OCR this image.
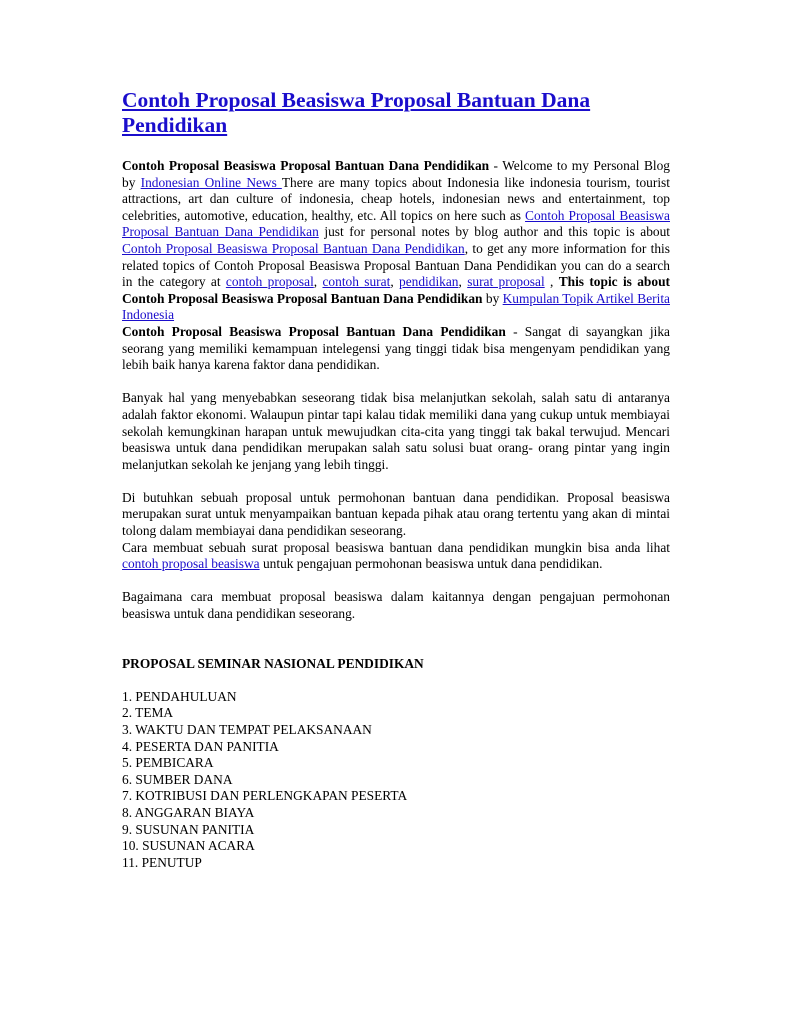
Contoh Proposal Beasiswa Proposal Bantuan Dana Pendidikan

Contoh Proposal Beasiswa Proposal Bantuan Dana Pendidikan - Welcome to my Personal Blog by Indonesian Online News There are many topics about Indonesia like indonesia tourism, tourist attractions, art dan culture of indonesia, cheap hotels, indonesian news and entertainment, top celebrities, automotive, education, healthy, etc. All topics on here such as Contoh Proposal Beasiswa Proposal Bantuan Dana Pendidikan just for personal notes by blog author and this topic is about Contoh Proposal Beasiswa Proposal Bantuan Dana Pendidikan, to get any more information for this related topics of Contoh Proposal Beasiswa Proposal Bantuan Dana Pendidikan you can do a search in the category at contoh proposal, contoh surat, pendidikan, surat proposal , This topic is about Contoh Proposal Beasiswa Proposal Bantuan Dana Pendidikan by Kumpulan Topik Artikel Berita Indonesia

Contoh Proposal Beasiswa Proposal Bantuan Dana Pendidikan - Sangat di sayangkan jika seorang yang memiliki kemampuan intelegensi yang tinggi tidak bisa mengenyam pendidikan yang lebih baik hanya karena faktor dana pendidikan.

Banyak hal yang menyebabkan seseorang tidak bisa melanjutkan sekolah, salah satu di antaranya adalah faktor ekonomi. Walaupun pintar tapi kalau tidak memiliki dana yang cukup untuk membiayai sekolah kemungkinan harapan untuk mewujudkan cita-cita yang tinggi tak bakal terwujud. Mencari beasiswa untuk dana pendidikan merupakan salah satu solusi buat orang- orang pintar yang ingin melanjutkan sekolah ke jenjang yang lebih tinggi.

Di butuhkan sebuah proposal untuk permohonan bantuan dana pendidikan. Proposal beasiswa merupakan surat untuk menyampaikan bantuan kepada pihak atau orang tertentu yang akan di mintai tolong dalam membiayai dana pendidikan seseorang.

Cara membuat sebuah surat proposal beasiswa bantuan dana pendidikan mungkin bisa anda lihat contoh proposal beasiswa untuk pengajuan permohonan beasiswa untuk dana pendidikan.

Bagaimana cara membuat proposal beasiswa dalam kaitannya dengan pengajuan permohonan beasiswa untuk dana pendidikan seseorang.

PROPOSAL SEMINAR NASIONAL PENDIDIKAN

1. PENDAHULUAN
2. TEMA
3. WAKTU DAN TEMPAT PELAKSANAAN
4. PESERTA DAN PANITIA
5. PEMBICARA
6. SUMBER DANA
7. KOTRIBUSI DAN PERLENGKAPAN PESERTA
8. ANGGARAN BIAYA
9. SUSUNAN PANITIA
10. SUSUNAN ACARA
11. PENUTUP
